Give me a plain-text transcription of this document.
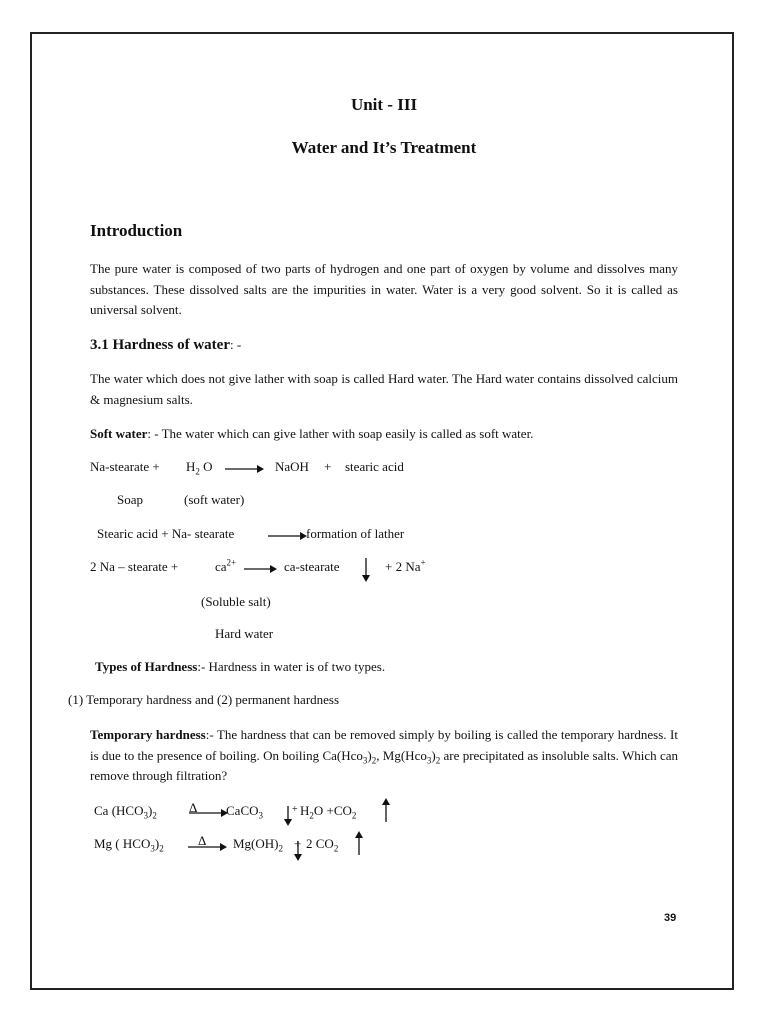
Unit - III
Water and It’s Treatment
Introduction
The pure water is composed of two parts of hydrogen and one part of oxygen by volume and dissolves many substances. These dissolved salts are the impurities in water. Water is a very good solvent. So it is called as universal solvent.
3.1 Hardness of water: -
The water which does not give lather with soap is called Hard water. The Hard water contains dissolved calcium & magnesium salts.
Soft water: - The water which can give lather with soap easily is called as soft water.
Na-stearate + $H_2$ O → NaOH + stearic acid
Soap	(soft water)
Stearic acid + Na- stearate → formation of lather
2 Na – stearate +	$ca^{2+}$ → ca-stearate	+ 2 Na+
(Soluble salt)
Hard water
Types of Hardness:- Hardness in water is of two types.
(1) Temporary hardness and (2) permanent hardness
Temporary hardness:- The hardness that can be removed simply by boiling is called the temporary hardness. It is due to the presence of boiling. On boiling $Ca(Hco_3)_2$, $Mg(Hco_3)_2$ are precipitated as insoluble salts. Which can remove through filtration?
Ca $(HCO_3)_2$
Δ CaCO$_3$
+ $H_2O +CO_2$
Mg ( $HCO_3)_2$
$\Delta \to Mg(OH)_2 + 2$ $CO_2$
39
